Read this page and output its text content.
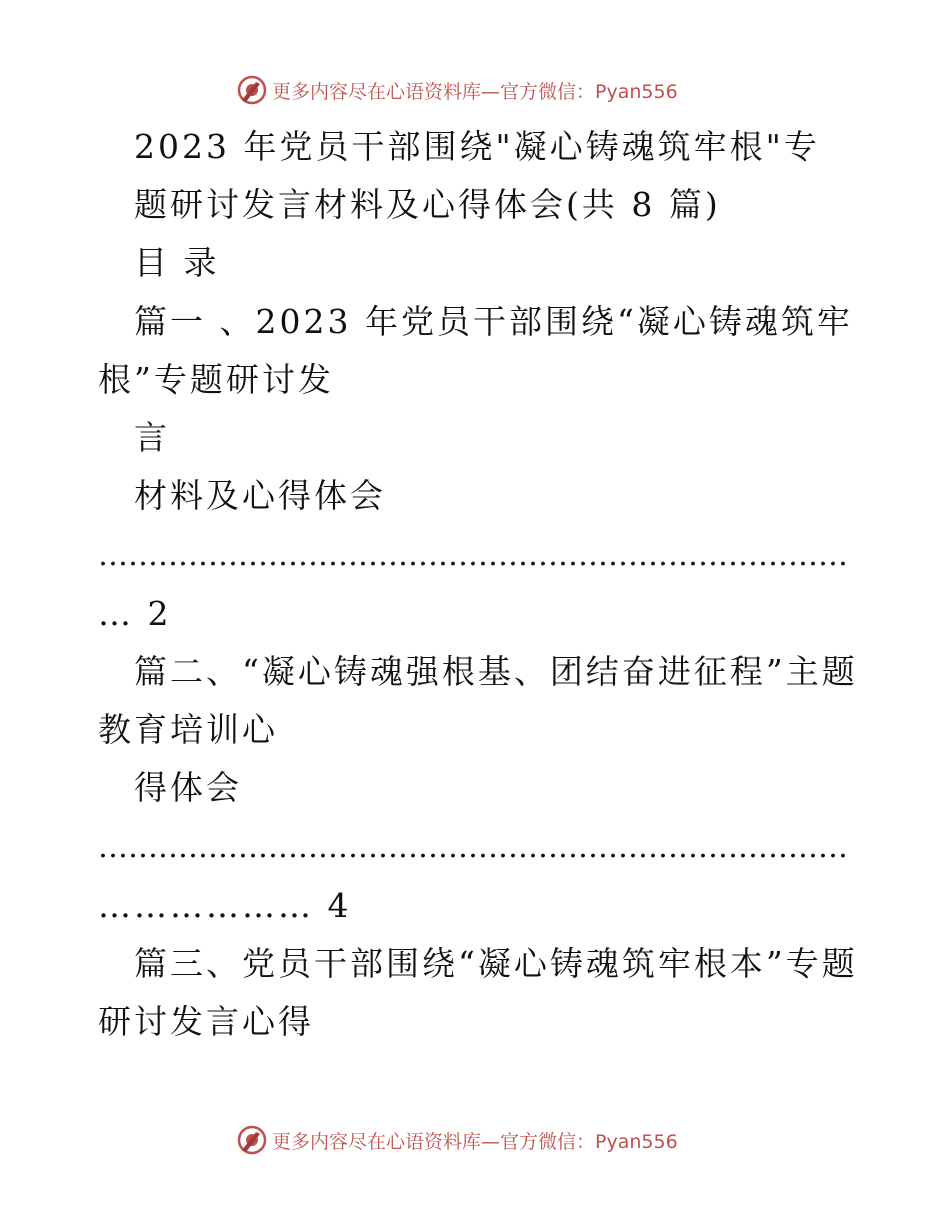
更多内容尽在心语资料库—官方微信：Pyan556
2023 年党员干部围绕"凝心铸魂筑牢根"专
题研讨发言材料及心得体会(共 8 篇)
目 录
篇一 、2023 年党员干部围绕“凝心铸魂筑牢
根”专题研讨发
言
材料及心得体会
…………………………………………………………………
… 2
篇二、“凝心铸魂强根基、团结奋进征程”主题
教育培训心
得体会
…………………………………………………………………
……………… 4
篇三、党员干部围绕“凝心铸魂筑牢根本”专题
研讨发言心得
更多内容尽在心语资料库—官方微信：Pyan556
